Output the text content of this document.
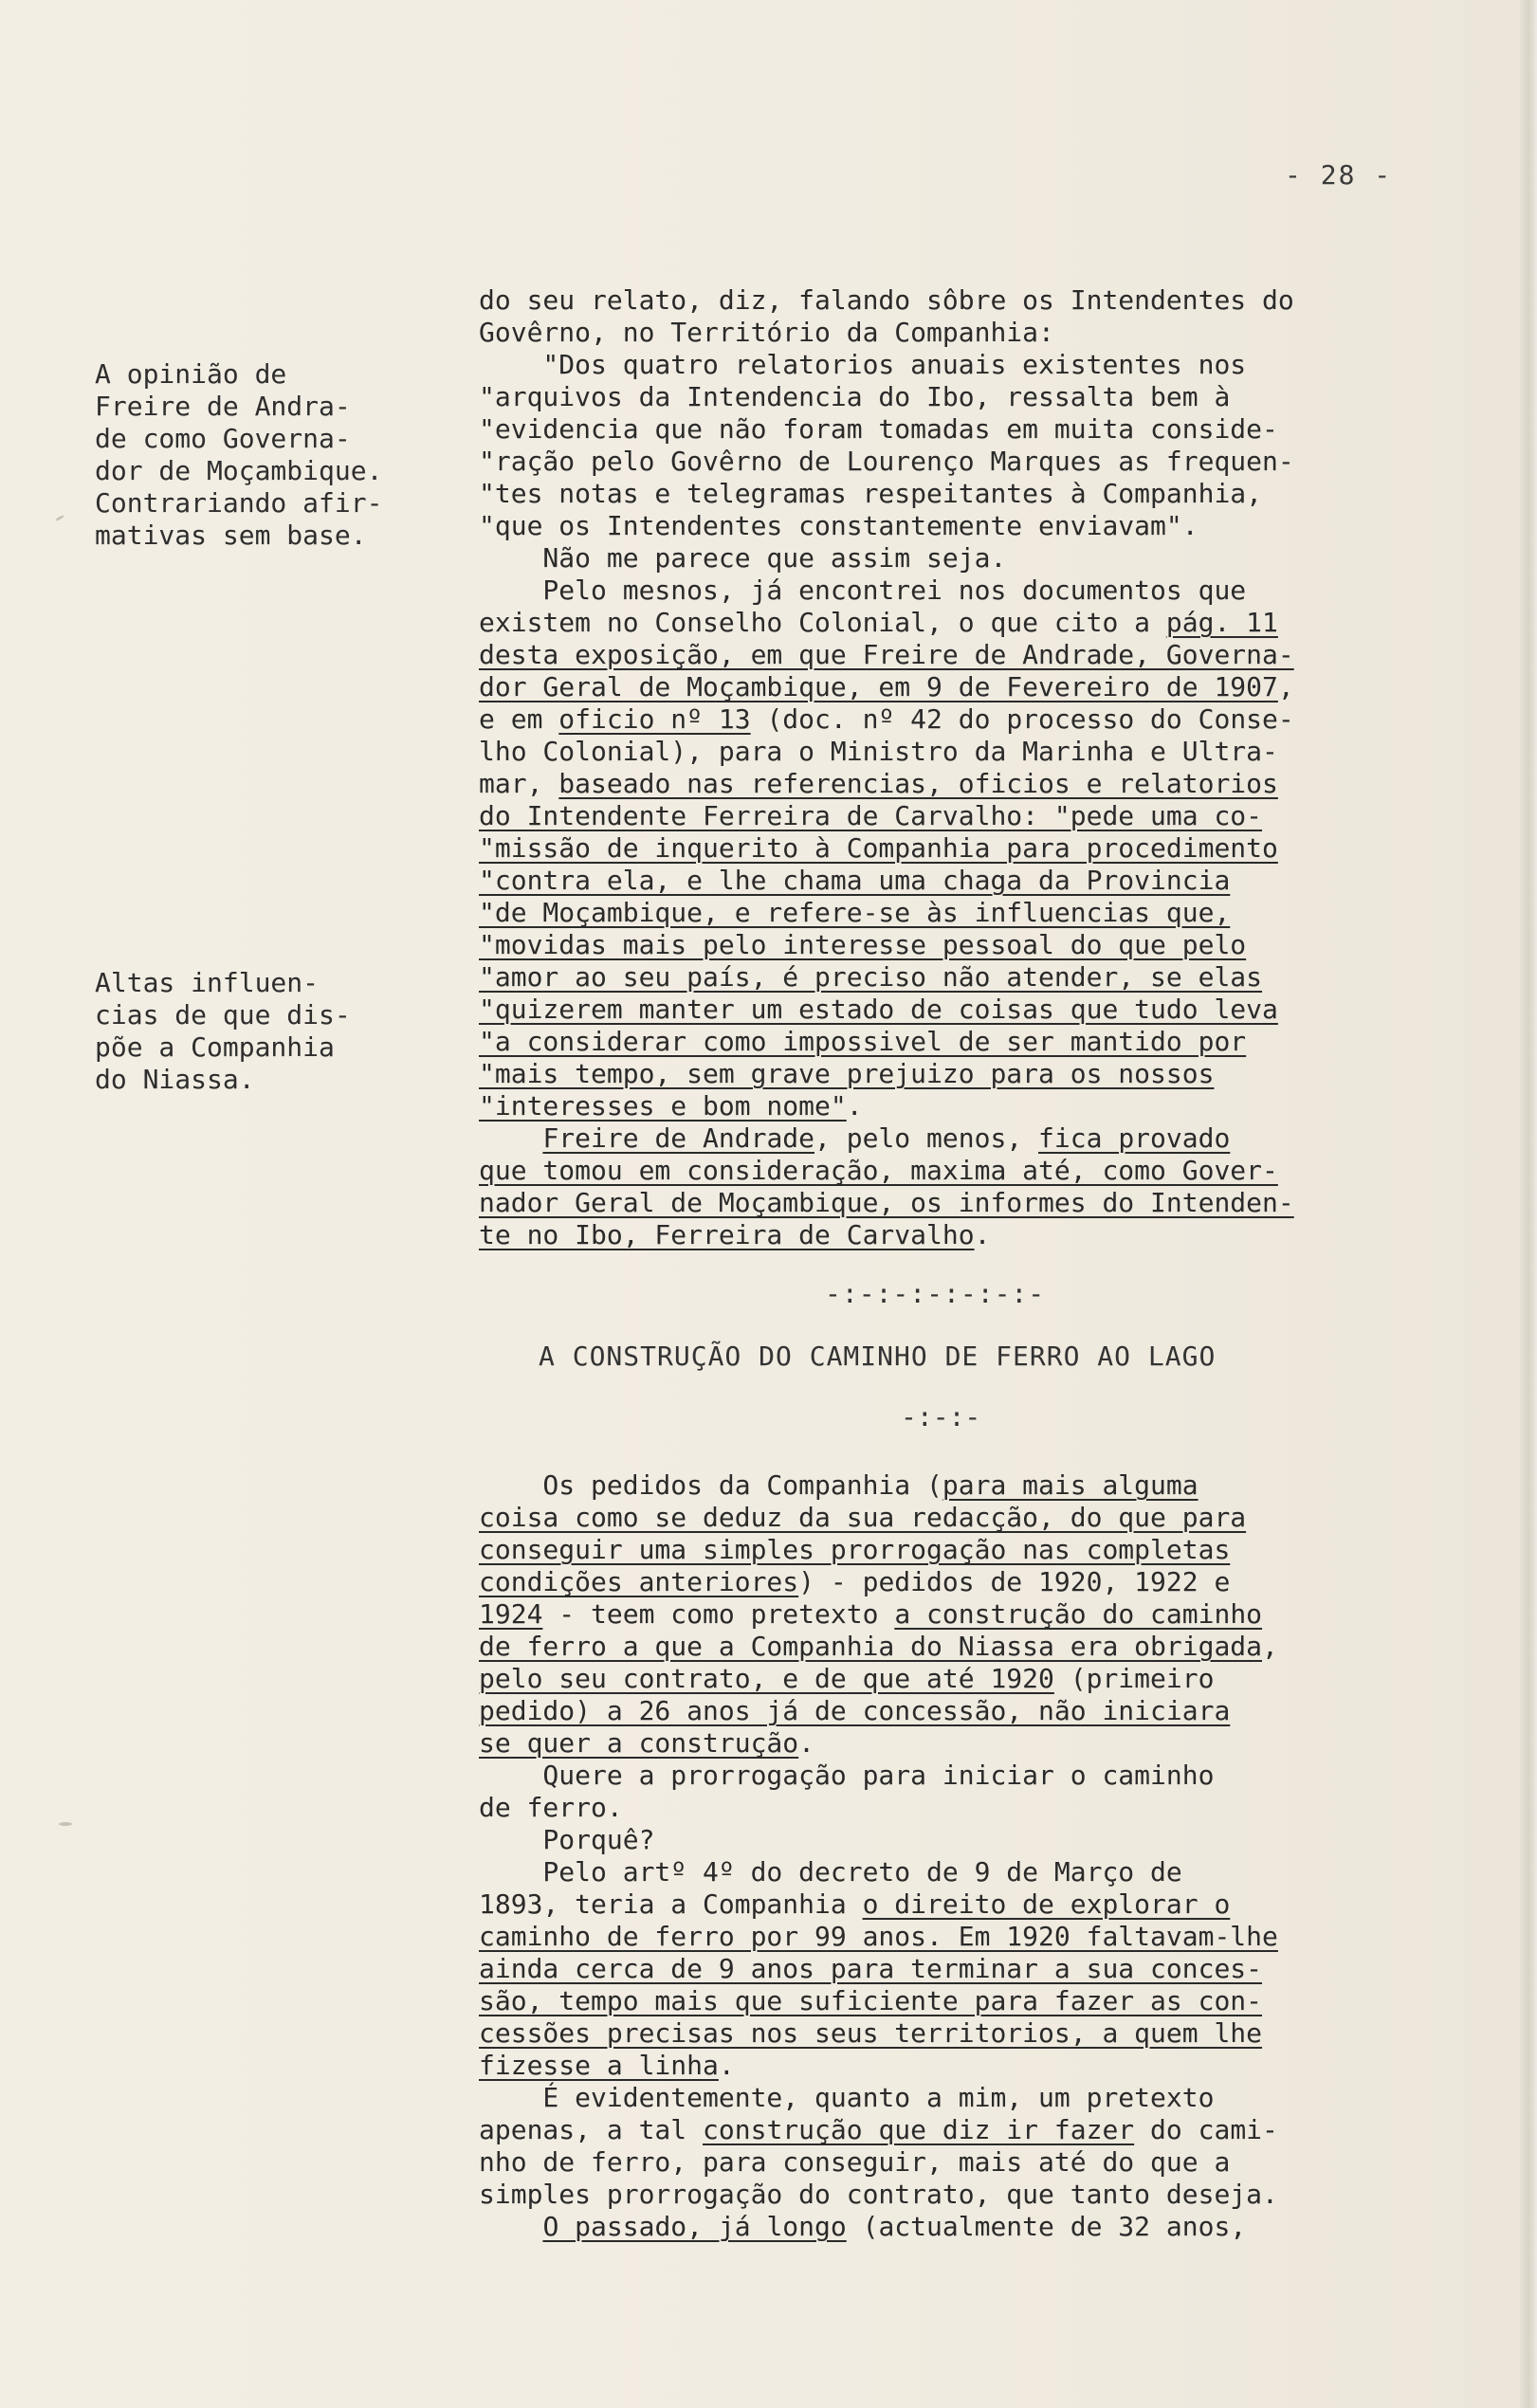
- 28 -
A opinião de
Freire de Andra-
de como Governa-
dor de Moçambique.
Contrariando afir-
mativas sem base.
Altas influen-
cias de que dis-
põe a Companhia
do Niassa.
do seu relato, diz, falando sôbre os Intendentes do
Govêrno, no Território da Companhia:
"Dos quatro relatorios anuais existentes nos
"arquivos da Intendencia do Ibo, ressalta bem à
"evidencia que não foram tomadas em muita conside-
"ração pelo Govêrno de Lourenço Marques as frequen-
"tes notas e telegramas respeitantes à Companhia,
"que os Intendentes constantemente enviavam".
Não me parece que assim seja.
Pelo mesnos, já encontrei nos documentos que
existem no Conselho Colonial, o que cito a pág. 11
desta exposição, em que Freire de Andrade, Governa-
dor Geral de Moçambique, em 9 de Fevereiro de 1907,
e em oficio nº 13 (doc. nº 42 do processo do Conse-
lho Colonial), para o Ministro da Marinha e Ultra-
mar, baseado nas referencias, oficios e relatorios
do Intendente Ferreira de Carvalho: "pede uma co-
"missão de inquerito à Companhia para procedimento
"contra ela, e lhe chama uma chaga da Provincia
"de Moçambique, e refere-se às influencias que,
"movidas mais pelo interesse pessoal do que pelo
"amor ao seu país, é preciso não atender, se elas
"quizerem manter um estado de coisas que tudo leva
"a considerar como impossivel de ser mantido por
"mais tempo, sem grave prejuizo para os nossos
"interesses e bom nome".
Freire de Andrade, pelo menos, fica provado
que tomou em consideração, maxima até, como Gover-
nador Geral de Moçambique, os informes do Intenden-
te no Ibo, Ferreira de Carvalho.
-:-:-:-:-:-:-
A CONSTRUÇÃO DO CAMINHO DE FERRO AO LAGO
-:-:-
Os pedidos da Companhia (para mais alguma
coisa como se deduz da sua redacção, do que para
conseguir uma simples prorrogação nas completas
condições anteriores) - pedidos de 1920, 1922 e
1924 - teem como pretexto a construção do caminho
de ferro a que a Companhia do Niassa era obrigada,
pelo seu contrato, e de que até 1920 (primeiro
pedido) a 26 anos já de concessão, não iniciara
se quer a construção.
Quere a prorrogação para iniciar o caminho
de ferro.
Porquê?
Pelo artº 4º do decreto de 9 de Março de
1893, teria a Companhia o direito de explorar o
caminho de ferro por 99 anos. Em 1920 faltavam-lhe
ainda cerca de 9 anos para terminar a sua conces-
são, tempo mais que suficiente para fazer as con-
cessões precisas nos seus territorios, a quem lhe
fizesse a linha.
É evidentemente, quanto a mim, um pretexto
apenas, a tal construção que diz ir fazer do cami-
nho de ferro, para conseguir, mais até do que a
simples prorrogação do contrato, que tanto deseja.
O passado, já longo (actualmente de 32 anos,
